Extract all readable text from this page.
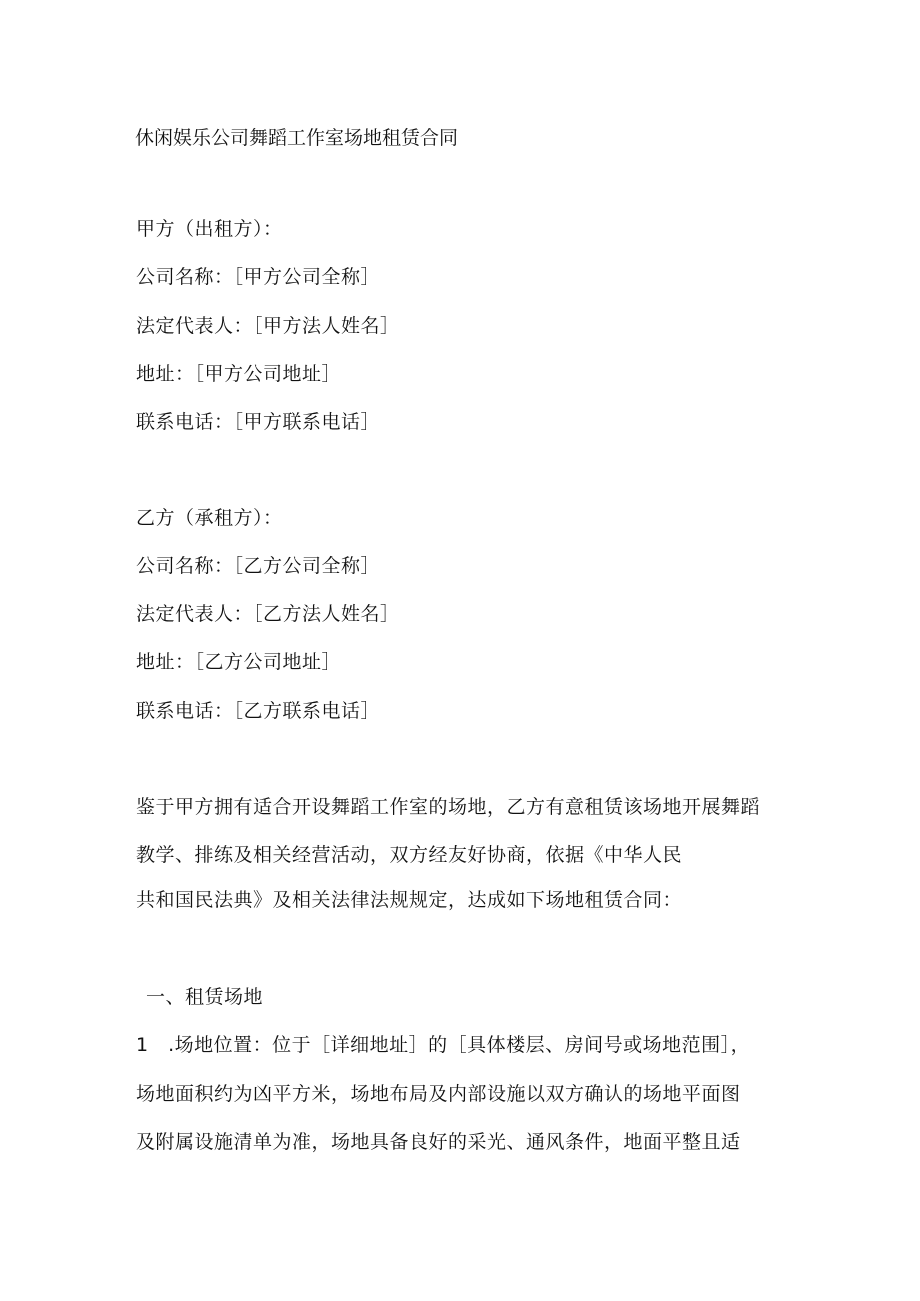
休闲娱乐公司舞蹈工作室场地租赁合同
甲方（出租方）：
公司名称：［甲方公司全称］
法定代表人：［甲方法人姓名］
地址：［甲方公司地址］
联系电话：［甲方联系电话］
乙方（承租方）：
公司名称：［乙方公司全称］
法定代表人：［乙方法人姓名］
地址：［乙方公司地址］
联系电话：［乙方联系电话］
鉴于甲方拥有适合开设舞蹈工作室的场地，乙方有意租赁该场地开展舞蹈
教学、排练及相关经营活动，双方经友好协商，依据《中华人民
共和国民法典》及相关法律法规规定，达成如下场地租赁合同：
一、租赁场地
1　.场地位置：位于［详细地址］的［具体楼层、房间号或场地范围］，
场地面积约为凶平方米，场地布局及内部设施以双方确认的场地平面图
及附属设施清单为准，场地具备良好的采光、通风条件，地面平整且适
